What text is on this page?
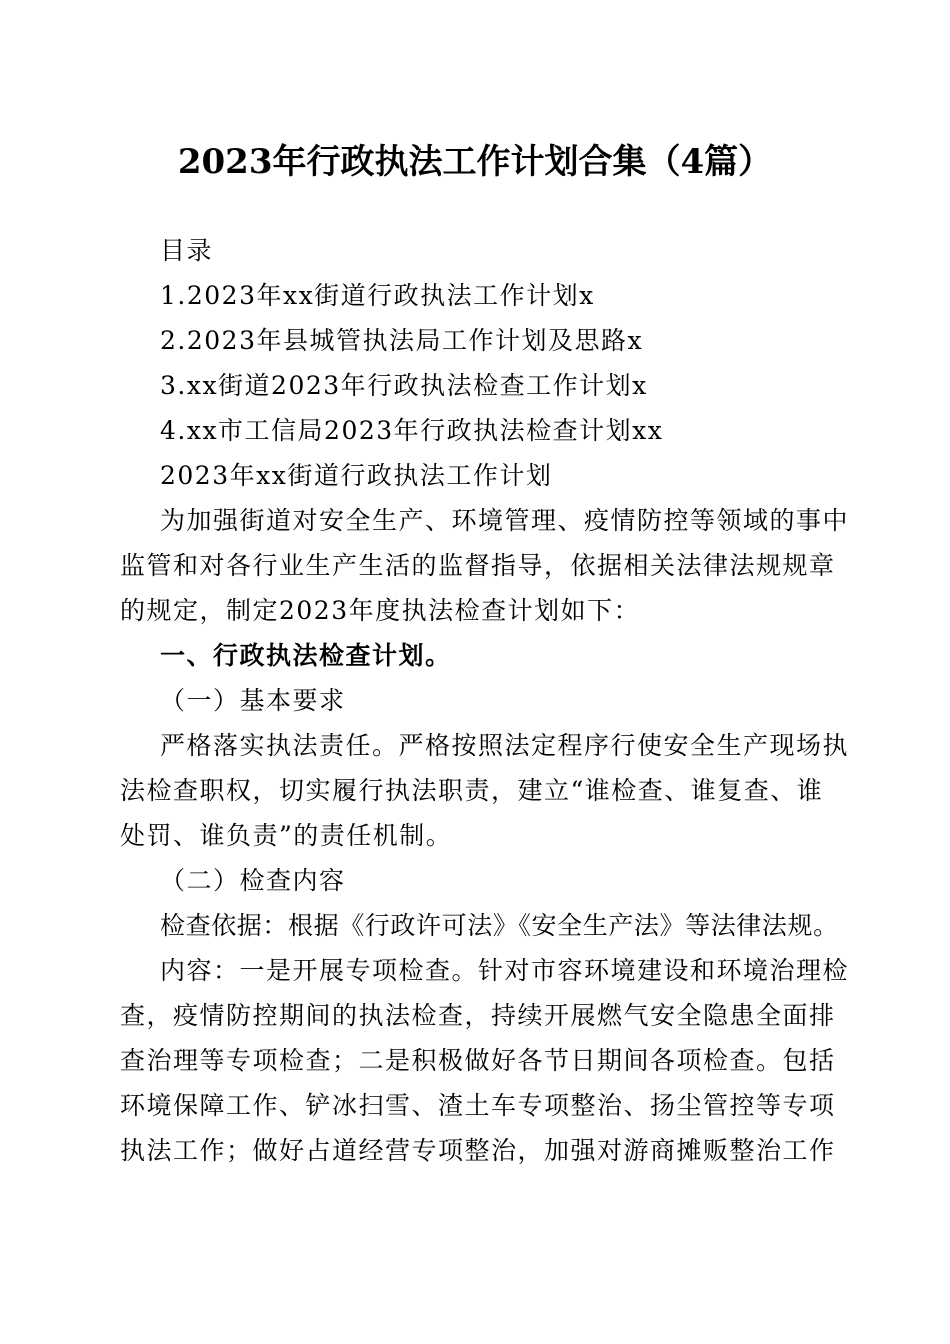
2023年行政执法工作计划合集（4篇）

目录

1.2023年xx街道行政执法工作计划x

2.2023年县城管执法局工作计划及思路x

3.xx街道2023年行政执法检查工作计划x

4.xx市工信局2023年行政执法检查计划xx

2023年xx街道行政执法工作计划

为加强街道对安全生产、环境管理、疫情防控等领域的事中

监管和对各行业生产生活的监督指导，依据相关法律法规规章

的规定，制定2023年度执法检查计划如下：

一、行政执法检查计划。

（一）基本要求

严格落实执法责任。严格按照法定程序行使安全生产现场执

法检查职权，切实履行执法职责，建立“谁检查、谁复查、谁

处罚、谁负责”的责任机制。

（二）检查内容

检查依据：根据《行政许可法》《安全生产法》等法律法规。

内容：一是开展专项检查。针对市容环境建设和环境治理检

查，疫情防控期间的执法检查，持续开展燃气安全隐患全面排

查治理等专项检查；二是积极做好各节日期间各项检查。包括

环境保障工作、铲冰扫雪、渣土车专项整治、扬尘管控等专项

执法工作；做好占道经营专项整治，加强对游商摊贩整治工作
